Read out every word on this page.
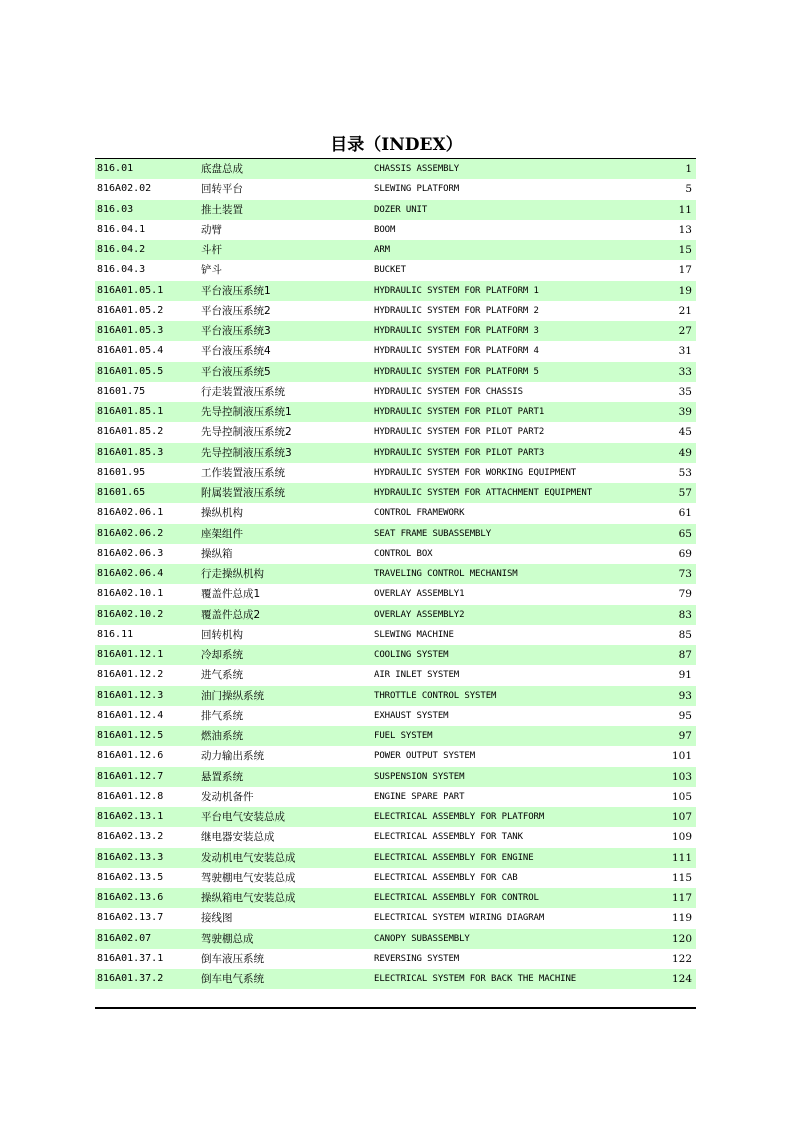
目录（INDEX）
816.01	底盘总成	CHASSIS ASSEMBLY	1
816A02.02	回转平台	SLEWING PLATFORM	5
816.03	推土装置	DOZER UNIT	11
816.04.1	动臂	BOOM	13
816.04.2	斗杆	ARM	15
816.04.3	铲斗	BUCKET	17
816A01.05.1	平台液压系统1	HYDRAULIC SYSTEM FOR PLATFORM 1	19
816A01.05.2	平台液压系统2	HYDRAULIC SYSTEM FOR PLATFORM 2	21
816A01.05.3	平台液压系统3	HYDRAULIC SYSTEM FOR PLATFORM 3	27
816A01.05.4	平台液压系统4	HYDRAULIC SYSTEM FOR PLATFORM 4	31
816A01.05.5	平台液压系统5	HYDRAULIC SYSTEM FOR PLATFORM 5	33
81601.75	行走装置液压系统	HYDRAULIC SYSTEM FOR CHASSIS	35
816A01.85.1	先导控制液压系统1	HYDRAULIC SYSTEM FOR PILOT PART1	39
816A01.85.2	先导控制液压系统2	HYDRAULIC SYSTEM FOR PILOT PART2	45
816A01.85.3	先导控制液压系统3	HYDRAULIC SYSTEM FOR PILOT PART3	49
81601.95	工作装置液压系统	HYDRAULIC SYSTEM FOR WORKING EQUIPMENT	53
81601.65	附属装置液压系统	HYDRAULIC SYSTEM FOR ATTACHMENT EQUIPMENT	57
816A02.06.1	操纵机构	CONTROL FRAMEWORK	61
816A02.06.2	座架组件	SEAT FRAME SUBASSEMBLY	65
816A02.06.3	操纵箱	CONTROL BOX	69
816A02.06.4	行走操纵机构	TRAVELING CONTROL MECHANISM	73
816A02.10.1	覆盖件总成1	OVERLAY ASSEMBLY1	79
816A02.10.2	覆盖件总成2	OVERLAY ASSEMBLY2	83
816.11	回转机构	SLEWING MACHINE	85
816A01.12.1	冷却系统	COOLING SYSTEM	87
816A01.12.2	进气系统	AIR INLET SYSTEM	91
816A01.12.3	油门操纵系统	THROTTLE CONTROL SYSTEM	93
816A01.12.4	排气系统	EXHAUST SYSTEM	95
816A01.12.5	燃油系统	FUEL SYSTEM	97
816A01.12.6	动力输出系统	POWER OUTPUT SYSTEM	101
816A01.12.7	悬置系统	SUSPENSION SYSTEM	103
816A01.12.8	发动机备件	ENGINE SPARE PART	105
816A02.13.1	平台电气安装总成	ELECTRICAL ASSEMBLY FOR PLATFORM	107
816A02.13.2	继电器安装总成	ELECTRICAL ASSEMBLY FOR TANK	109
816A02.13.3	发动机电气安装总成	ELECTRICAL ASSEMBLY FOR ENGINE	111
816A02.13.5	驾驶棚电气安装总成	ELECTRICAL ASSEMBLY FOR CAB	115
816A02.13.6	操纵箱电气安装总成	ELECTRICAL ASSEMBLY FOR CONTROL	117
816A02.13.7	接线图	ELECTRICAL SYSTEM WIRING DIAGRAM	119
816A02.07	驾驶棚总成	CANOPY SUBASSEMBLY	120
816A01.37.1	倒车液压系统	REVERSING SYSTEM	122
816A01.37.2	倒车电气系统	ELECTRICAL SYSTEM FOR BACK THE MACHINE	124
